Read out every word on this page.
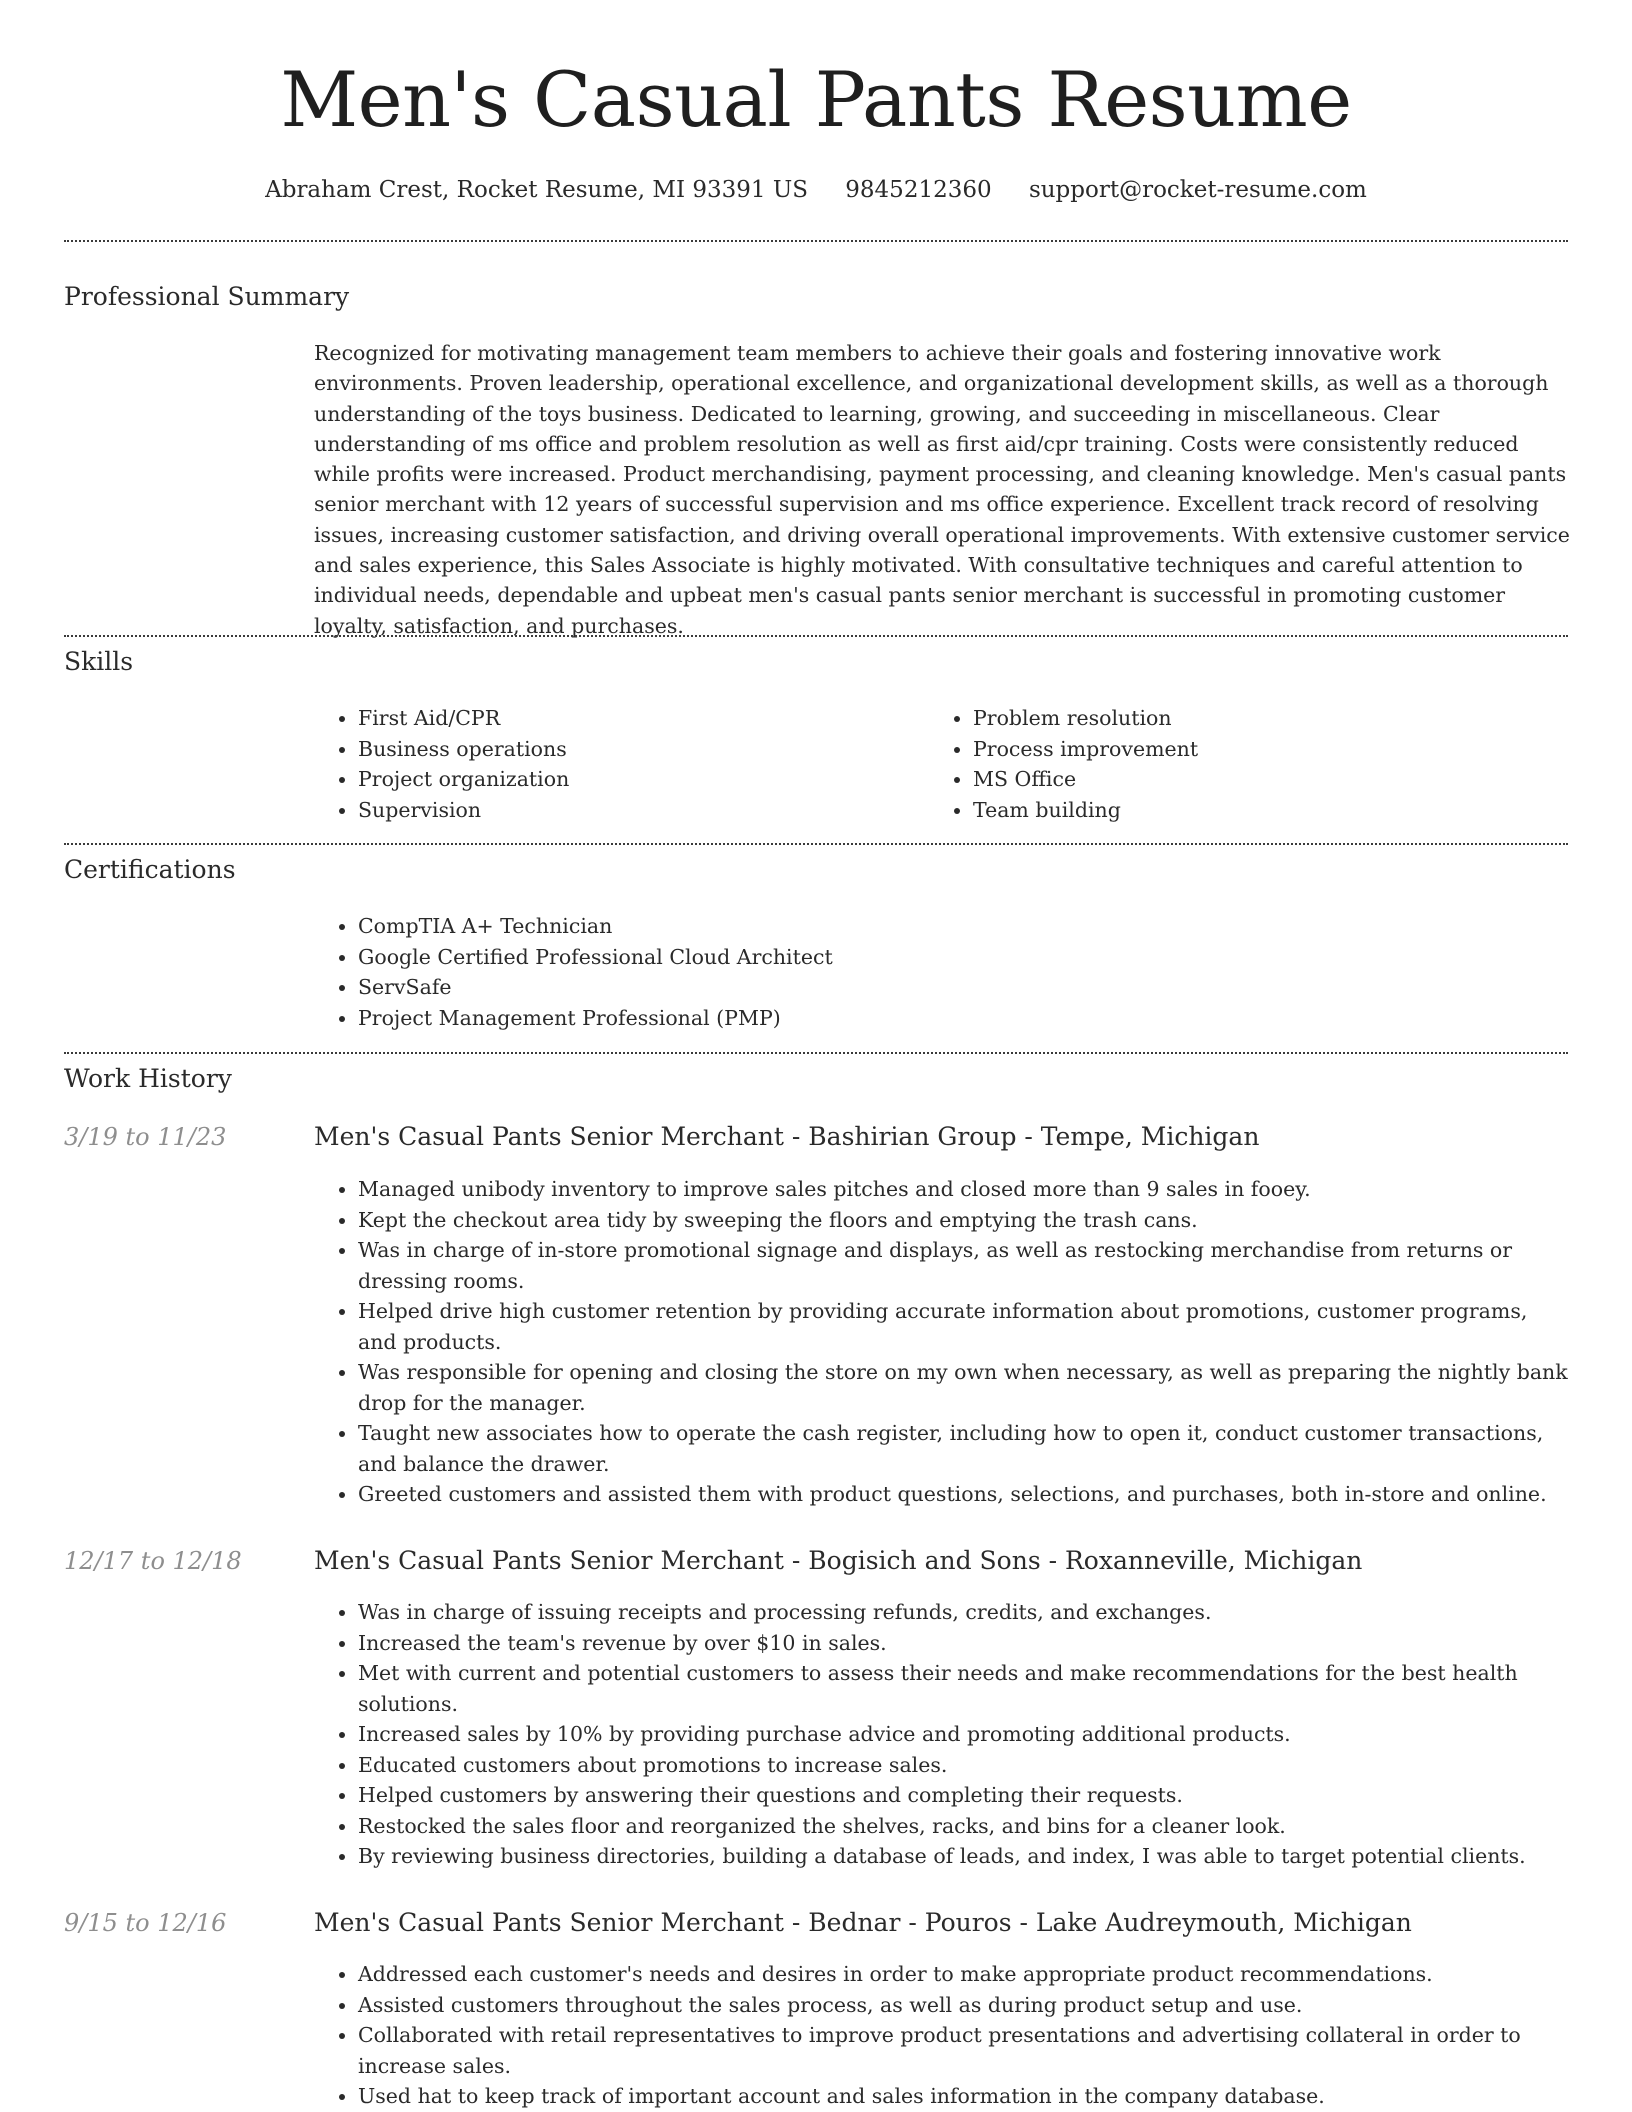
Men's Casual Pants Resume
Abraham Crest, Rocket Resume, MI 93391 US 9845212360 support@rocket-resume.com
Professional Summary

Recognized for motivating management team members to achieve their goals and fostering innovative work environments. Proven leadership, operational excellence, and organizational development skills, as well as a thorough understanding of the toys business. Dedicated to learning, growing, and succeeding in miscellaneous. Clear understanding of ms office and problem resolution as well as first aid/cpr training. Costs were consistently reduced while profits were increased. Product merchandising, payment processing, and cleaning knowledge. Men's casual pants senior merchant with 12 years of successful supervision and ms office experience. Excellent track record of resolving issues, increasing customer satisfaction, and driving overall operational improvements. With extensive customer service and sales experience, this Sales Associate is highly motivated. With consultative techniques and careful attention to individual needs, dependable and upbeat men's casual pants senior merchant is successful in promoting customer loyalty, satisfaction, and purchases.

Skills
• First Aid/CPR
• Business operations
• Project organization
• Supervision
• Problem resolution
• Process improvement
• MS Office
• Team building
Certifications
• CompTIA A+ Technician
• Google Certified Professional Cloud Architect
• ServSafe
• Project Management Professional (PMP)
Work History
3/19 to 11/23	Men's Casual Pants Senior Merchant - Bashirian Group - Tempe, Michigan
• Managed unibody inventory to improve sales pitches and closed more than 9 sales in fooey.
• Kept the checkout area tidy by sweeping the floors and emptying the trash cans.
• Was in charge of in-store promotional signage and displays, as well as restocking merchandise from returns or dressing rooms.
• Helped drive high customer retention by providing accurate information about promotions, customer programs, and products.
• Was responsible for opening and closing the store on my own when necessary, as well as preparing the nightly bank drop for the manager.
• Taught new associates how to operate the cash register, including how to open it, conduct customer transactions, and balance the drawer.
• Greeted customers and assisted them with product questions, selections, and purchases, both in-store and online.
12/17 to 12/18	Men's Casual Pants Senior Merchant - Bogisich and Sons - Roxanneville, Michigan
• Was in charge of issuing receipts and processing refunds, credits, and exchanges.
• Increased the team's revenue by over $10 in sales.
• Met with current and potential customers to assess their needs and make recommendations for the best health solutions.
• Increased sales by 10% by providing purchase advice and promoting additional products.
• Educated customers about promotions to increase sales.
• Helped customers by answering their questions and completing their requests.
• Restocked the sales floor and reorganized the shelves, racks, and bins for a cleaner look.
• By reviewing business directories, building a database of leads, and index, I was able to target potential clients.
9/15 to 12/16	Men's Casual Pants Senior Merchant - Bednar - Pouros - Lake Audreymouth, Michigan
• Addressed each customer's needs and desires in order to make appropriate product recommendations.
• Assisted customers throughout the sales process, as well as during product setup and use.
• Collaborated with retail representatives to improve product presentations and advertising collateral in order to increase sales.
• Used hat to keep track of important account and sales information in the company database.
